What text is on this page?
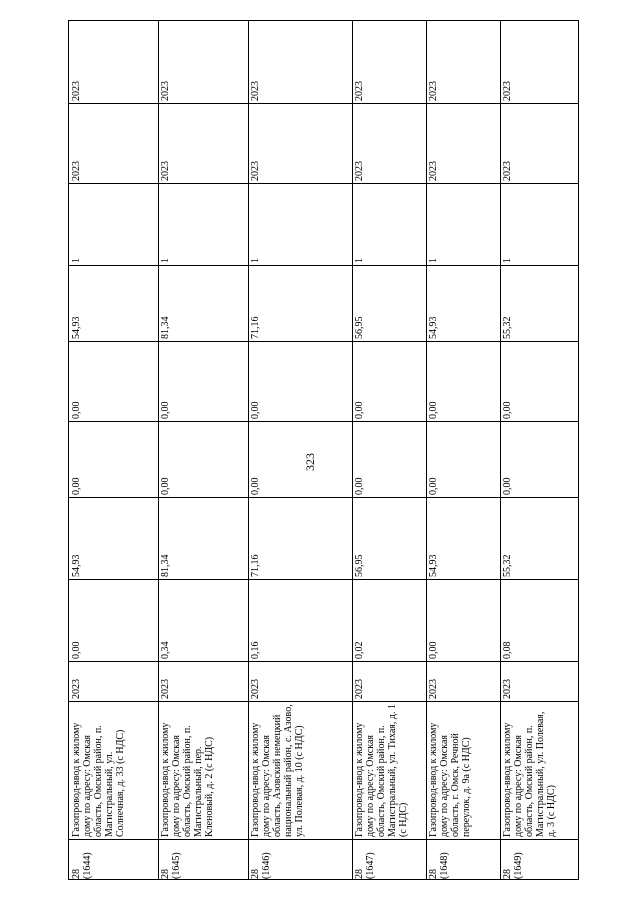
323
28
(1644)
Газопровод-ввод к жилому дому по адресу: Омская область, Омский район, п. Магистральный, ул. Солнечная, д. 33 (с НДС)
2023
0,00
54,93
0,00
0,00
54,93
1
2023
2023
28
(1645)
Газопровод-ввод к жилому дому по адресу: Омская область, Омский район, п. Магистральный, пер. Кленовый, д. 2 (с НДС)
2023
0,34
81,34
0,00
0,00
81,34
1
2023
2023
28
(1646)
Газопровод-ввод к жилому дому по адресу: Омская область, Азовский немецкий национальный район, с. Азово, ул. Полевая, д. 10 (с НДС)
2023
0,16
71,16
0,00
0,00
71,16
1
2023
2023
28
(1647)
Газопровод-ввод к жилому дому по адресу: Омская область, Омский район, п. Магистральный, ул. Тихая, д. 1 (с НДС)
2023
0,02
56,95
0,00
0,00
56,95
1
2023
2023
28
(1648)
Газопровод-ввод к жилому дому по адресу: Омская область, г. Омск, Речной переулок, д. 9а (с НДС)
2023
0,00
54,93
0,00
0,00
54,93
1
2023
2023
28
(1649)
Газопровод-ввод к жилому дому по адресу: Омская область, Омский район, п. Магистральный, ул. Полевая, д. 3 (с НДС)
2023
0,08
55,32
0,00
0,00
55,32
1
2023
2023
